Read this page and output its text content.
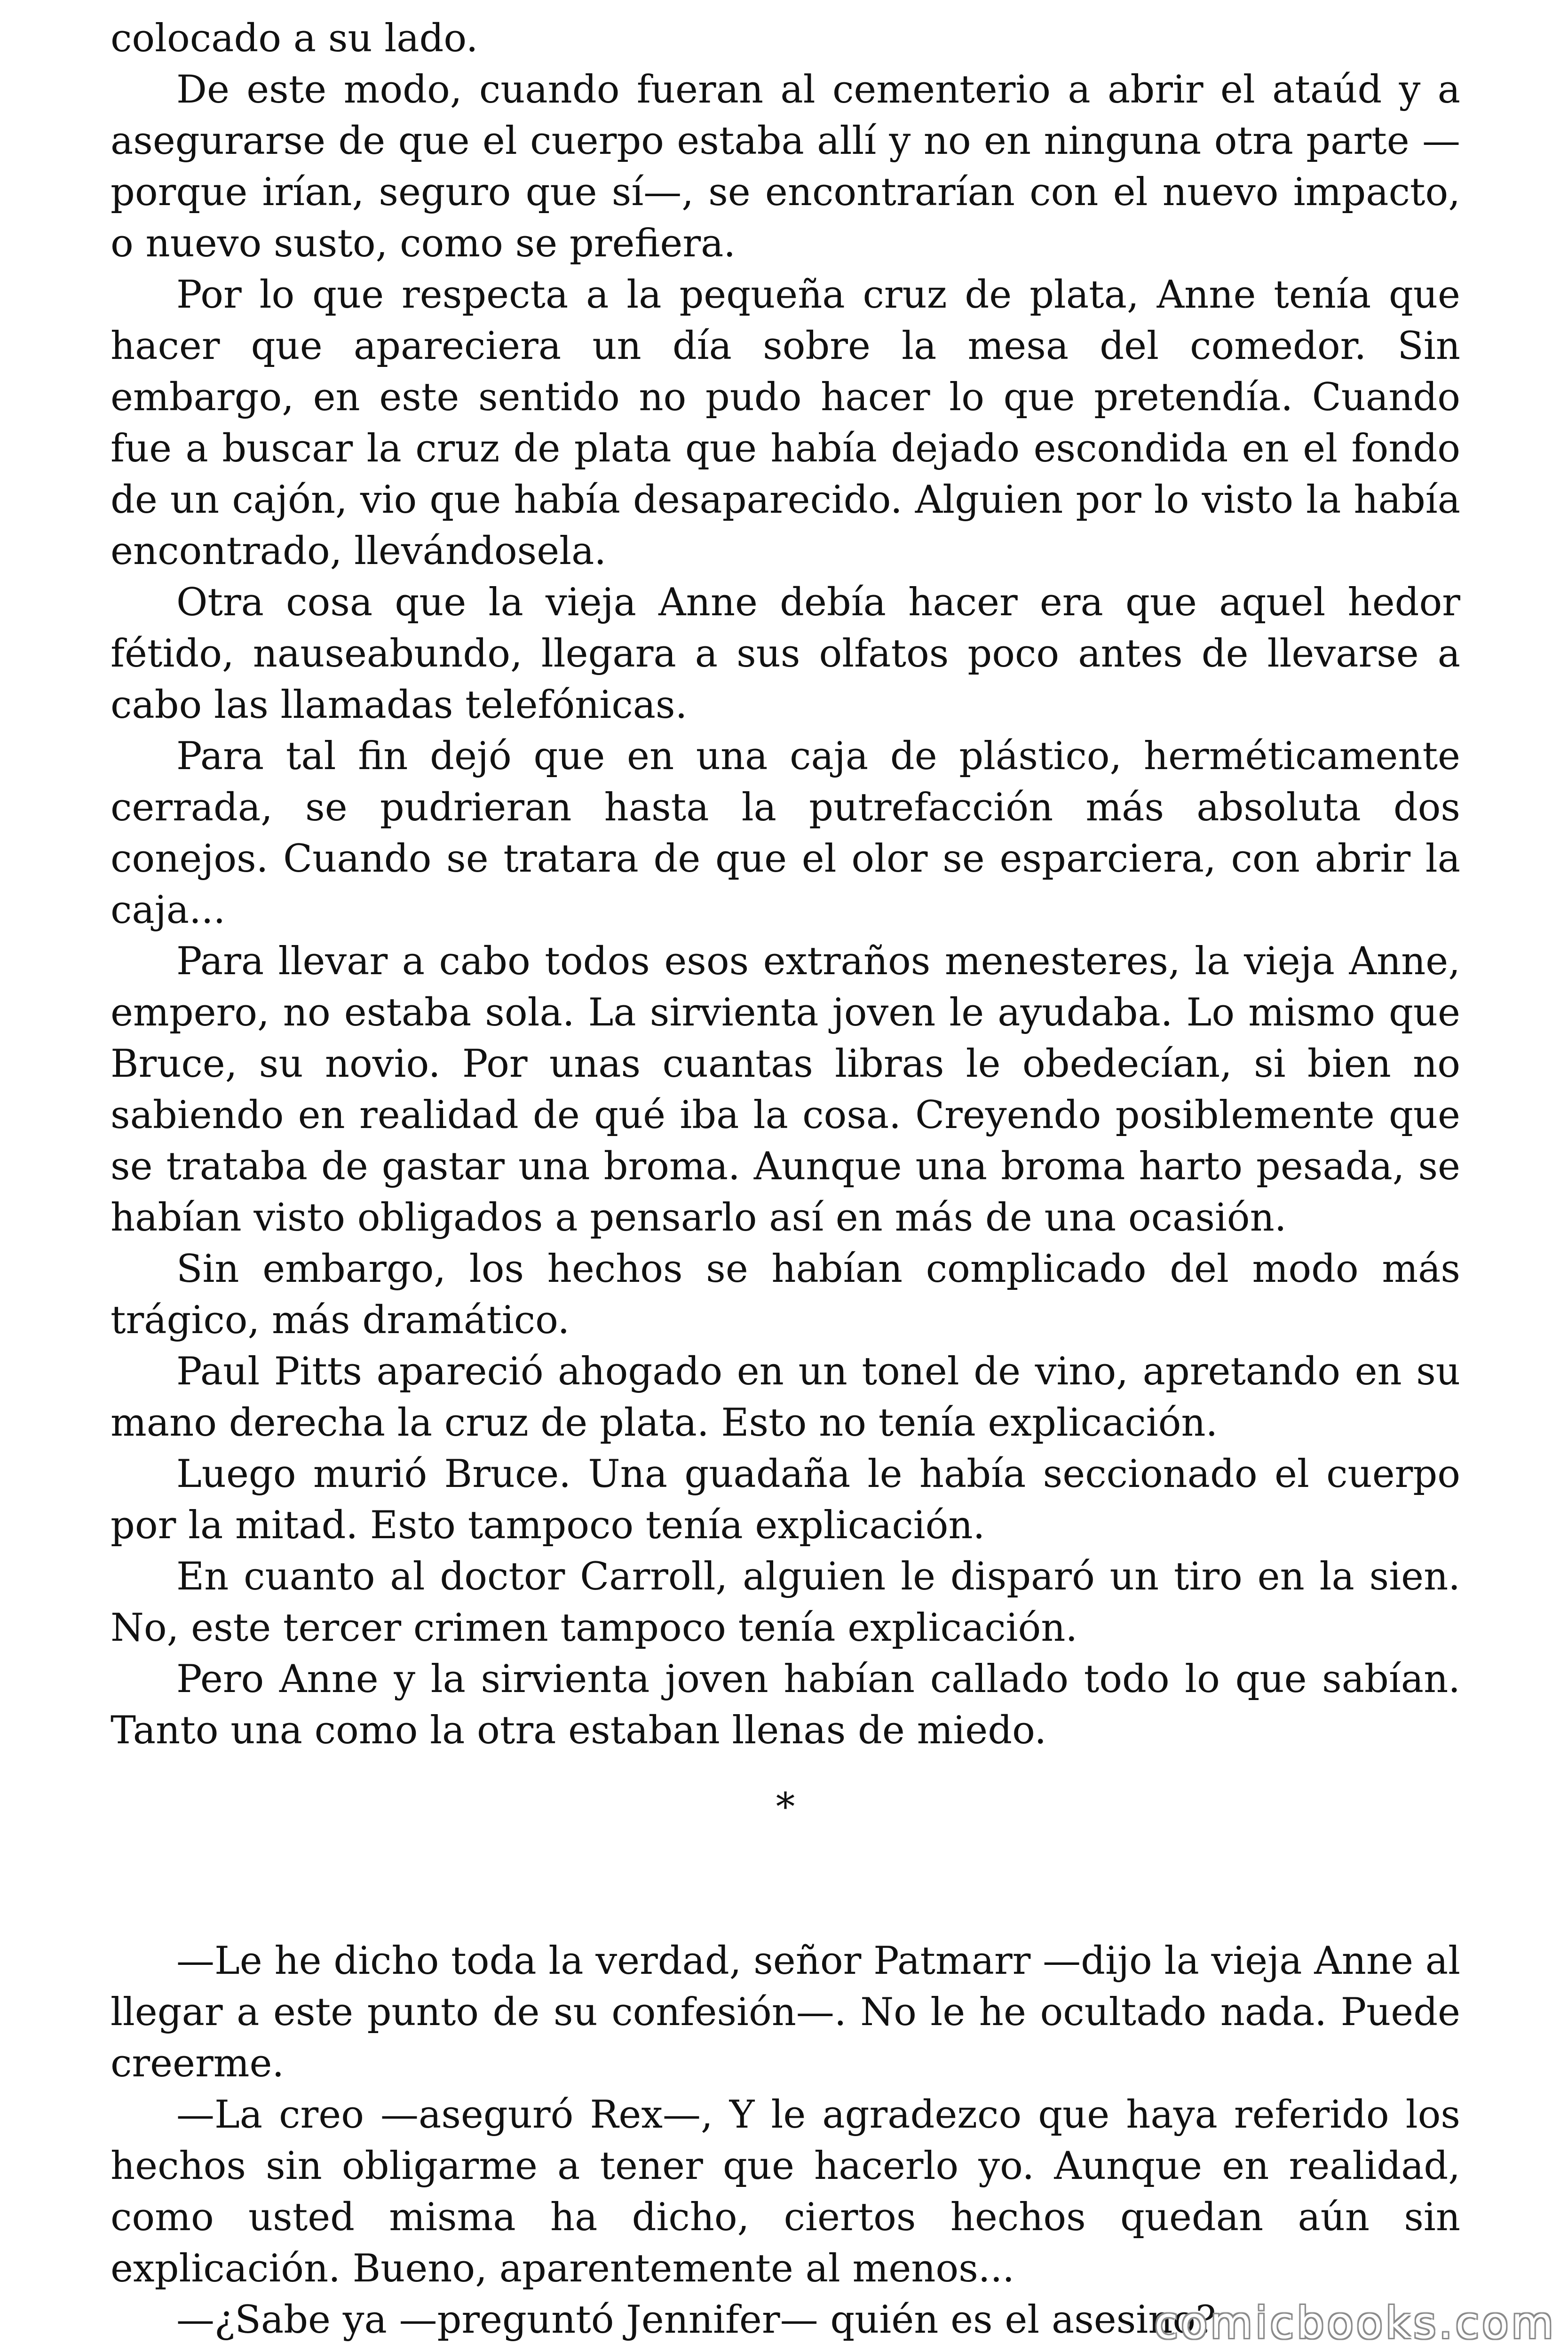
colocado a su lado.

De este modo, cuando fueran al cementerio a abrir el ataúd y a asegurarse de que el cuerpo estaba allí y no en ninguna otra parte —porque irían, seguro que sí—, se encontrarían con el nuevo impacto, o nuevo susto, como se prefiera.

Por lo que respecta a la pequeña cruz de plata, Anne tenía que hacer que apareciera un día sobre la mesa del comedor. Sin embargo, en este sentido no pudo hacer lo que pretendía. Cuando fue a buscar la cruz de plata que había dejado escondida en el fondo de un cajón, vio que había desaparecido. Alguien por lo visto la había encontrado, llevándosela.

Otra cosa que la vieja Anne debía hacer era que aquel hedor fétido, nauseabundo, llegara a sus olfatos poco antes de llevarse a cabo las llamadas telefónicas.

Para tal fin dejó que en una caja de plástico, herméticamente cerrada, se pudrieran hasta la putrefacción más absoluta dos conejos. Cuando se tratara de que el olor se esparciera, con abrir la caja...

Para llevar a cabo todos esos extraños menesteres, la vieja Anne, empero, no estaba sola. La sirvienta joven le ayudaba. Lo mismo que Bruce, su novio. Por unas cuantas libras le obedecían, si bien no sabiendo en realidad de qué iba la cosa. Creyendo posiblemente que se trataba de gastar una broma. Aunque una broma harto pesada, se habían visto obligados a pensarlo así en más de una ocasión.

Sin embargo, los hechos se habían complicado del modo más trágico, más dramático.

Paul Pitts apareció ahogado en un tonel de vino, apretando en su mano derecha la cruz de plata. Esto no tenía explicación.

Luego murió Bruce. Una guadaña le había seccionado el cuerpo por la mitad. Esto tampoco tenía explicación.

En cuanto al doctor Carroll, alguien le disparó un tiro en la sien. No, este tercer crimen tampoco tenía explicación.

Pero Anne y la sirvienta joven habían callado todo lo que sabían. Tanto una como la otra estaban llenas de miedo.

*

—Le he dicho toda la verdad, señor Patmarr —dijo la vieja Anne al llegar a este punto de su confesión—. No le he ocultado nada. Puede creerme.

—La creo —aseguró Rex—, Y le agradezco que haya referido los hechos sin obligarme a tener que hacerlo yo. Aunque en realidad, como usted misma ha dicho, ciertos hechos quedan aún sin explicación. Bueno, aparentemente al menos...

—¿Sabe ya —preguntó Jennifer— quién es el asesino?

comicbooks.com
